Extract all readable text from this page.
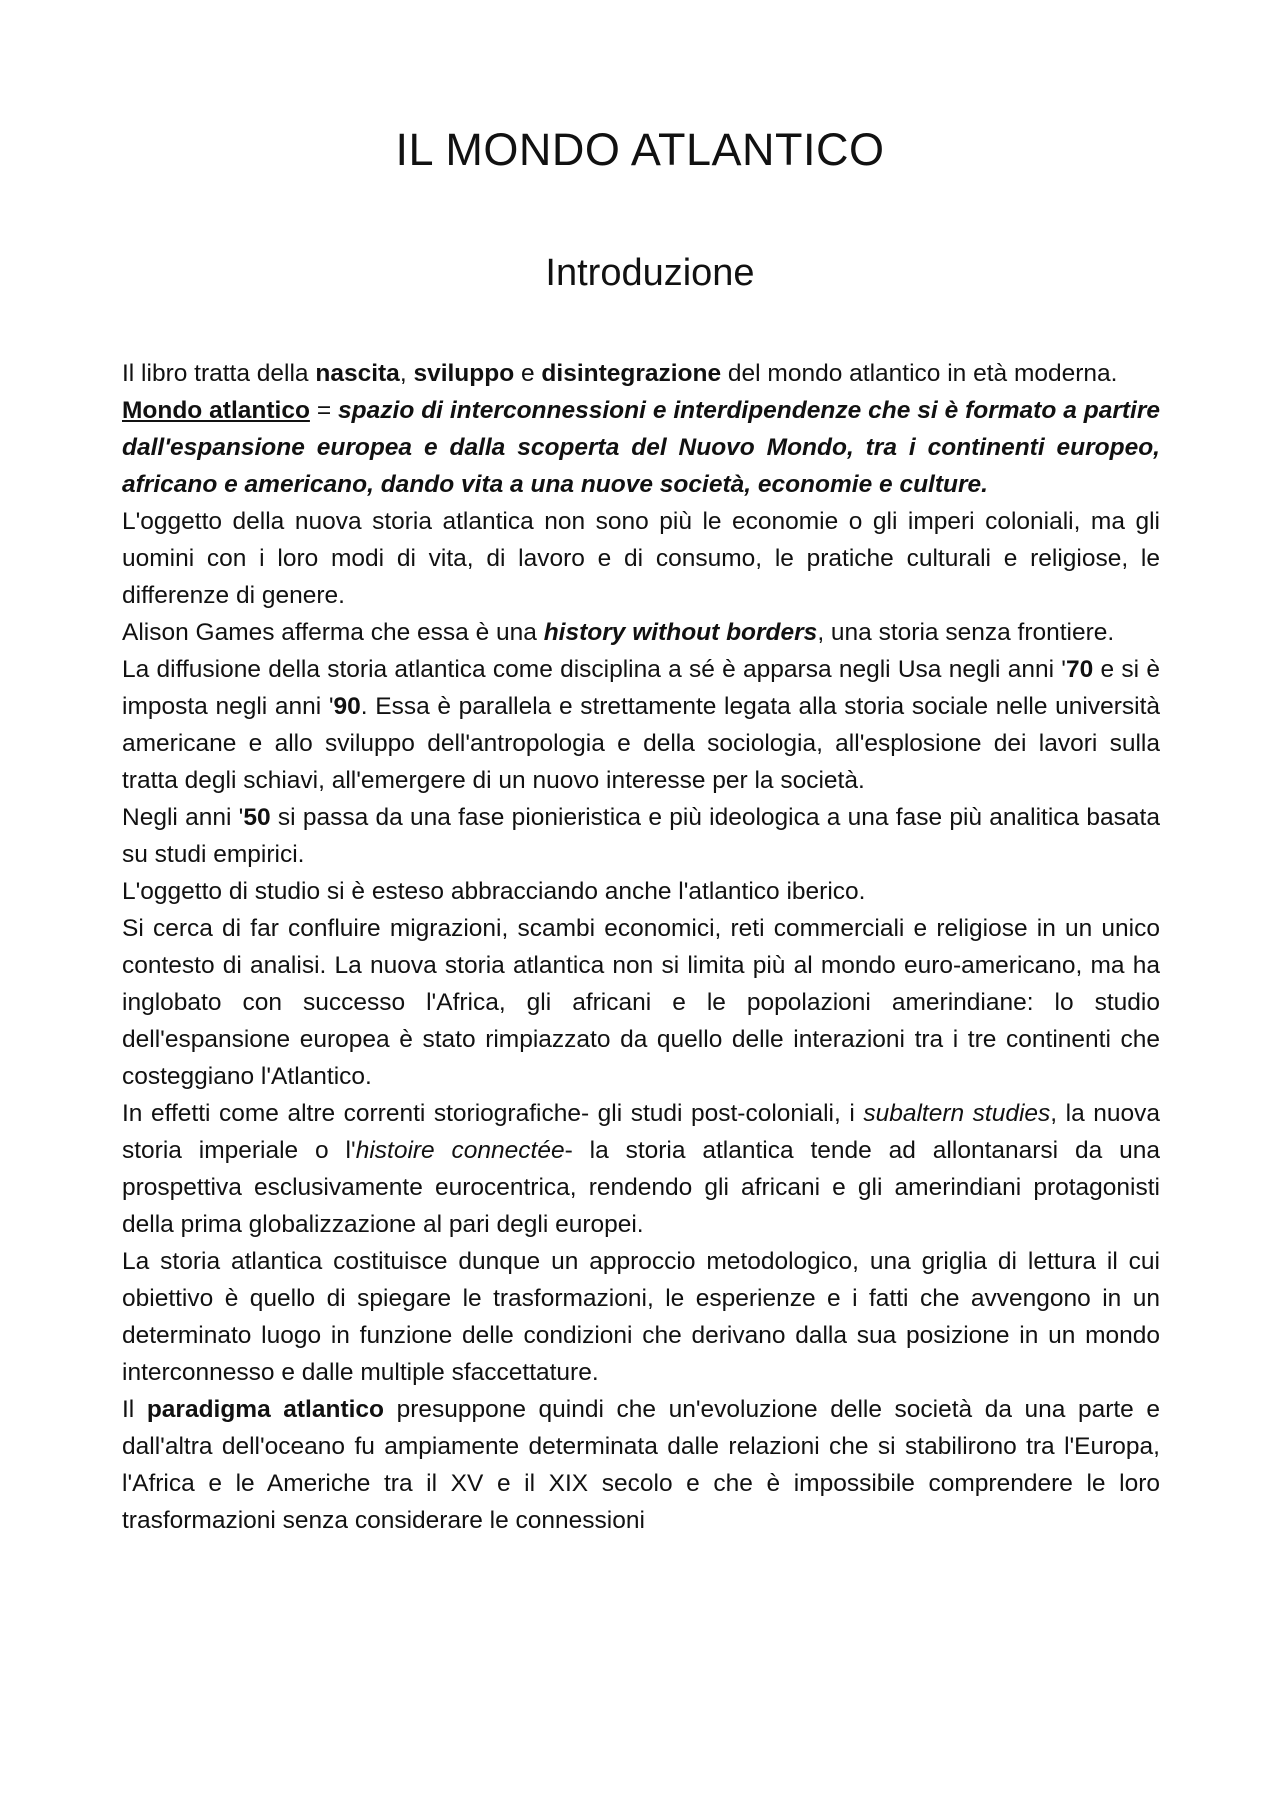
IL MONDO ATLANTICO
Introduzione

Il libro tratta della nascita, sviluppo e disintegrazione del mondo atlantico in età moderna.

Mondo atlantico = spazio di interconnessioni e interdipendenze che si è formato a partire dall'espansione europea e dalla scoperta del Nuovo Mondo, tra i continenti europeo, africano e americano, dando vita a una nuove società, economie e culture.

L'oggetto della nuova storia atlantica non sono più le economie o gli imperi coloniali, ma gli uomini con i loro modi di vita, di lavoro e di consumo, le pratiche culturali e religiose, le differenze di genere.

Alison Games afferma che essa è una history without borders, una storia senza frontiere.

La diffusione della storia atlantica come disciplina a sé è apparsa negli Usa negli anni '70 e si è imposta negli anni '90. Essa è parallela e strettamente legata alla storia sociale nelle università americane e allo sviluppo dell'antropologia e della sociologia, all'esplosione dei lavori sulla tratta degli schiavi, all'emergere di un nuovo interesse per la società.

Negli anni '50 si passa da una fase pionieristica e più ideologica a una fase più analitica basata su studi empirici.

L'oggetto di studio si è esteso abbracciando anche l'atlantico iberico.

Si cerca di far confluire migrazioni, scambi economici, reti commerciali e religiose in un unico contesto di analisi. La nuova storia atlantica non si limita più al mondo euro-americano, ma ha inglobato con successo l'Africa, gli africani e le popolazioni amerindiane: lo studio dell'espansione europea è stato rimpiazzato da quello delle interazioni tra i tre continenti che costeggiano l'Atlantico.

In effetti come altre correnti storiografiche- gli studi post-coloniali, i subaltern studies, la nuova storia imperiale o l'histoire connectée- la storia atlantica tende ad allontanarsi da una prospettiva esclusivamente eurocentrica, rendendo gli africani e gli amerindiani protagonisti della prima globalizzazione al pari degli europei.

La storia atlantica costituisce dunque un approccio metodologico, una griglia di lettura il cui obiettivo è quello di spiegare le trasformazioni, le esperienze e i fatti che avvengono in un determinato luogo in funzione delle condizioni che derivano dalla sua posizione in un mondo interconnesso e dalle multiple sfaccettature.

Il paradigma atlantico presuppone quindi che un'evoluzione delle società da una parte e dall'altra dell'oceano fu ampiamente determinata dalle relazioni che si stabilirono tra l'Europa, l'Africa e le Americhe tra il XV e il XIX secolo e che è impossibile comprendere le loro trasformazioni senza considerare le connessioni
